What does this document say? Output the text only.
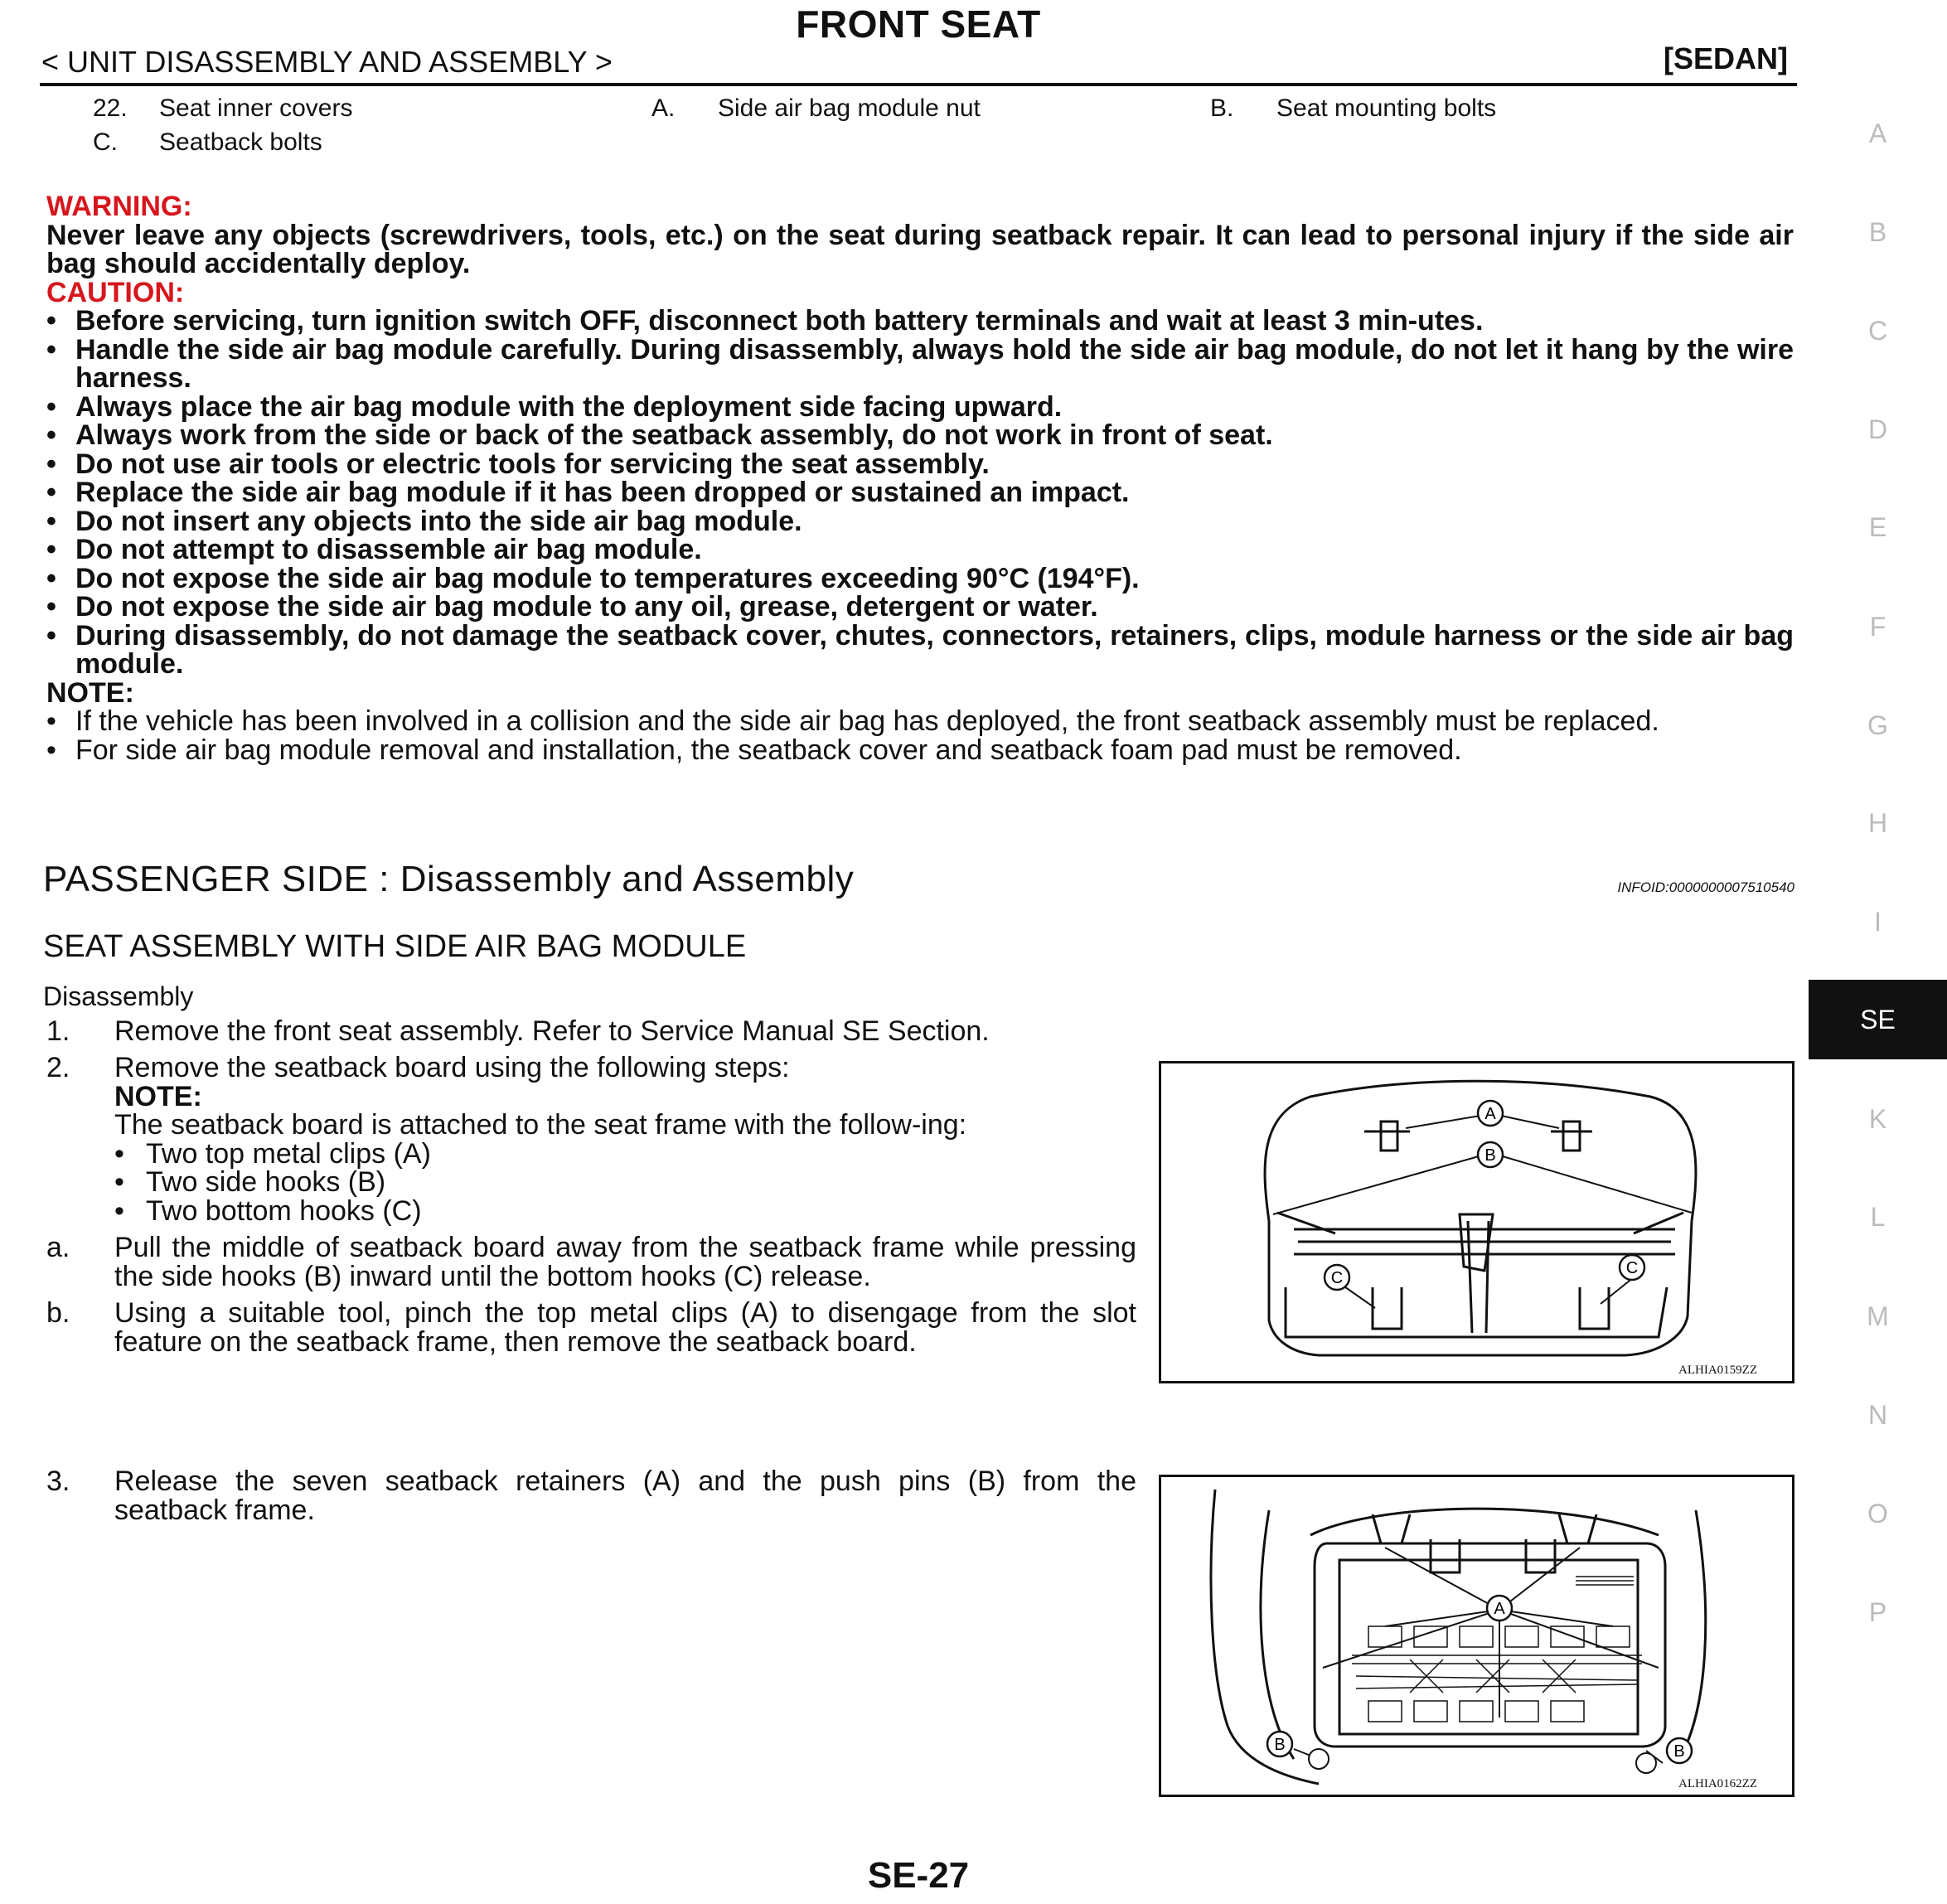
FRONT SEAT
< UNIT DISASSEMBLY AND ASSEMBLY >	[SEDAN]
22. Seat inner covers	A. Side air bag module nut	B. Seat mounting bolts
C. Seatback bolts
WARNING:
Never leave any objects (screwdrivers, tools, etc.) on the seat during seatback repair. It can lead to personal injury if the side air bag should accidentally deploy.
CAUTION:
• Before servicing, turn ignition switch OFF, disconnect both battery terminals and wait at least 3 min-utes.
• Handle the side air bag module carefully. During disassembly, always hold the side air bag module, do not let it hang by the wire harness.
• Always place the air bag module with the deployment side facing upward.
• Always work from the side or back of the seatback assembly, do not work in front of seat.
• Do not use air tools or electric tools for servicing the seat assembly.
• Replace the side air bag module if it has been dropped or sustained an impact.
• Do not insert any objects into the side air bag module.
• Do not attempt to disassemble air bag module.
• Do not expose the side air bag module to temperatures exceeding 90°C (194°F).
• Do not expose the side air bag module to any oil, grease, detergent or water.
• During disassembly, do not damage the seatback cover, chutes, connectors, retainers, clips, module harness or the side air bag module.
NOTE:
• If the vehicle has been involved in a collision and the side air bag has deployed, the front seatback assembly must be replaced.
• For side air bag module removal and installation, the seatback cover and seatback foam pad must be removed.
PASSENGER SIDE : Disassembly and Assembly	INFOID:0000000007510540
SEAT ASSEMBLY WITH SIDE AIR BAG MODULE
Disassembly
1. Remove the front seat assembly. Refer to Service Manual SE Section.
2. Remove the seatback board using the following steps:
NOTE:
The seatback board is attached to the seat frame with the follow-ing:
• Two top metal clips (A)
• Two side hooks (B)
• Two bottom hooks (C)
a. Pull the middle of seatback board away from the seatback frame while pressing the side hooks (B) inward until the bottom hooks (C) release.
b. Using a suitable tool, pinch the top metal clips (A) to disengage from the slot feature on the seatback frame, then remove the seatback board.
3. Release the seven seatback retainers (A) and the push pins (B) from the seatback frame.
A
B
C
C
ALHIA0159ZZ
A
B	B
ALHIA0162ZZ
A
B
C
D
E
F
G
H
I
SE
K
L
M
N
O
P
SE-27
